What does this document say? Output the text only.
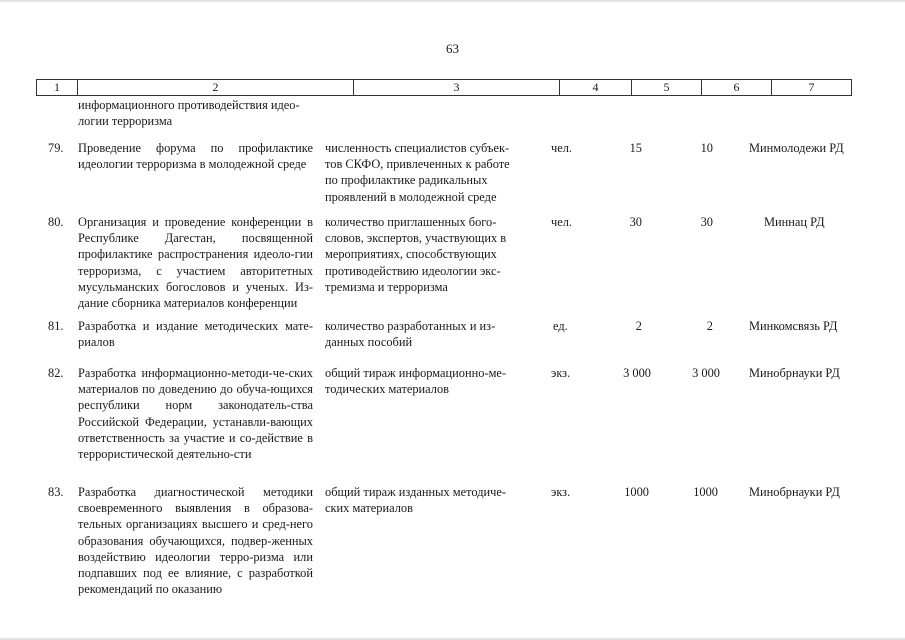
63
1	2	3	4	5	6	7
информационного противодействия идео-
логии терроризма
79. Проведение форума по профилактике идеологии терроризма в молодежной среде
численность специалистов субъек-
тов СКФО, привлеченных к работе
по профилактике радикальных
проявлений в молодежной среде
чел.	15	10	Минмолодежи РД
80. Организация и проведение конференции в Республике Дагестан, посвященной профилактике распространения идеоло-гии терроризма, с участием авторитетных мусульманских богословов и ученых. Из-дание сборника материалов конференции
количество приглашенных бого-
словов, экспертов, участвующих в
мероприятиях, способствующих
противодействию идеологии экс-
тремизма и терроризма
чел.	30	30	Миннац РД
81. Разработка и издание методических мате-риалов
количество разработанных и из-
данных пособий
ед.	2	2	Минкомсвязь РД
82. Разработка информационно-методи-че-ских материалов по доведению до обуча-ющихся республики норм законодатель-ства Российской Федерации, устанавли-вающих ответственность за участие и со-действие в террористической деятельно-сти
общий тираж информационно-ме-
тодических материалов
экз.	3 000	3 000 Минобрнауки РД
83. Разработка диагностической методики своевременного выявления в образова-тельных организациях высшего и сред-него образования обучающихся, подвер-женных воздействию идеологии терро-ризма или подпавших под ее влияние, с разработкой рекомендаций по оказанию
общий тираж изданных методиче-
ских материалов
экз.	1000	1000	Минобрнауки РД
